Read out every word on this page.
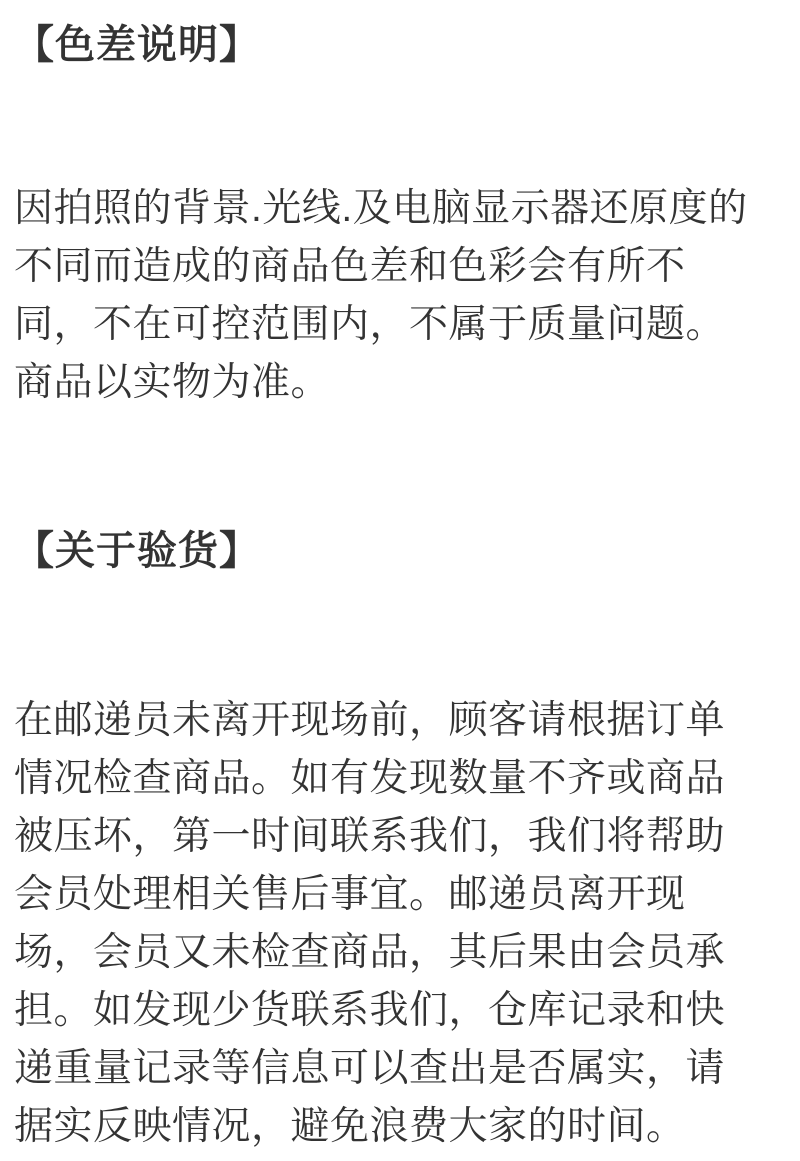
【色差说明】
因拍照的背景.光线.及电脑显示器还原度的
不同而造成的商品色差和色彩会有所不
同，不在可控范围内，不属于质量问题。
商品以实物为准。
【关于验货】
在邮递员未离开现场前，顾客请根据订单
情况检查商品。如有发现数量不齐或商品
被压坏，第一时间联系我们，我们将帮助
会员处理相关售后事宜。邮递员离开现
场，会员又未检查商品，其后果由会员承
担。如发现少货联系我们，仓库记录和快
递重量记录等信息可以查出是否属实，请
据实反映情况，避免浪费大家的时间。
